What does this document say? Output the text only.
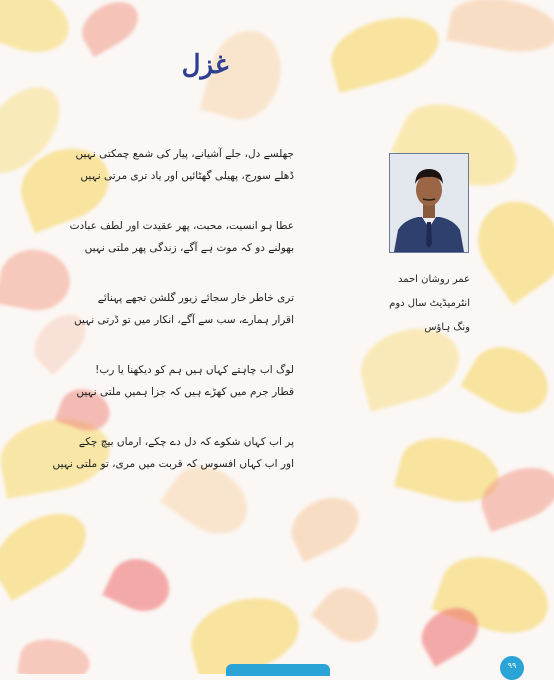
غزل
جھلسے دل، جلے آشیانے، پیار کی شمع چمکتی نہیں
ڈھلے سورج، پھیلی گھٹائیں اور یاد تری مرتی نہیں
عطا ہو انسیت، محبت، پھر عقیدت اور لطف عبادت
بھولنے دو کہ موت ہے آگے، زندگی پھر ملتی نہیں
تری خاطر خار سجائے زیور گلشن تجھے پہنائے
اقرار ہمارے، سب سے آگے، انکار میں تو ڈرتی نہیں
لوگ اب چاہتے کہاں ہیں ہم کو دیکھنا یا رب!
قطار جرم میں کھڑے ہیں کہ جزا ہمیں ملتی نہیں
پر اب کہاں شکوے کہ دل دے چکے، ارماں بیچ چکے
اور اب کہاں افسوس کہ قربت میں مری، تو ملتی نہیں
عمر روشان احمد
انٹرمیڈیٹ سال دوم
ونگ ہاؤس
۹۹
